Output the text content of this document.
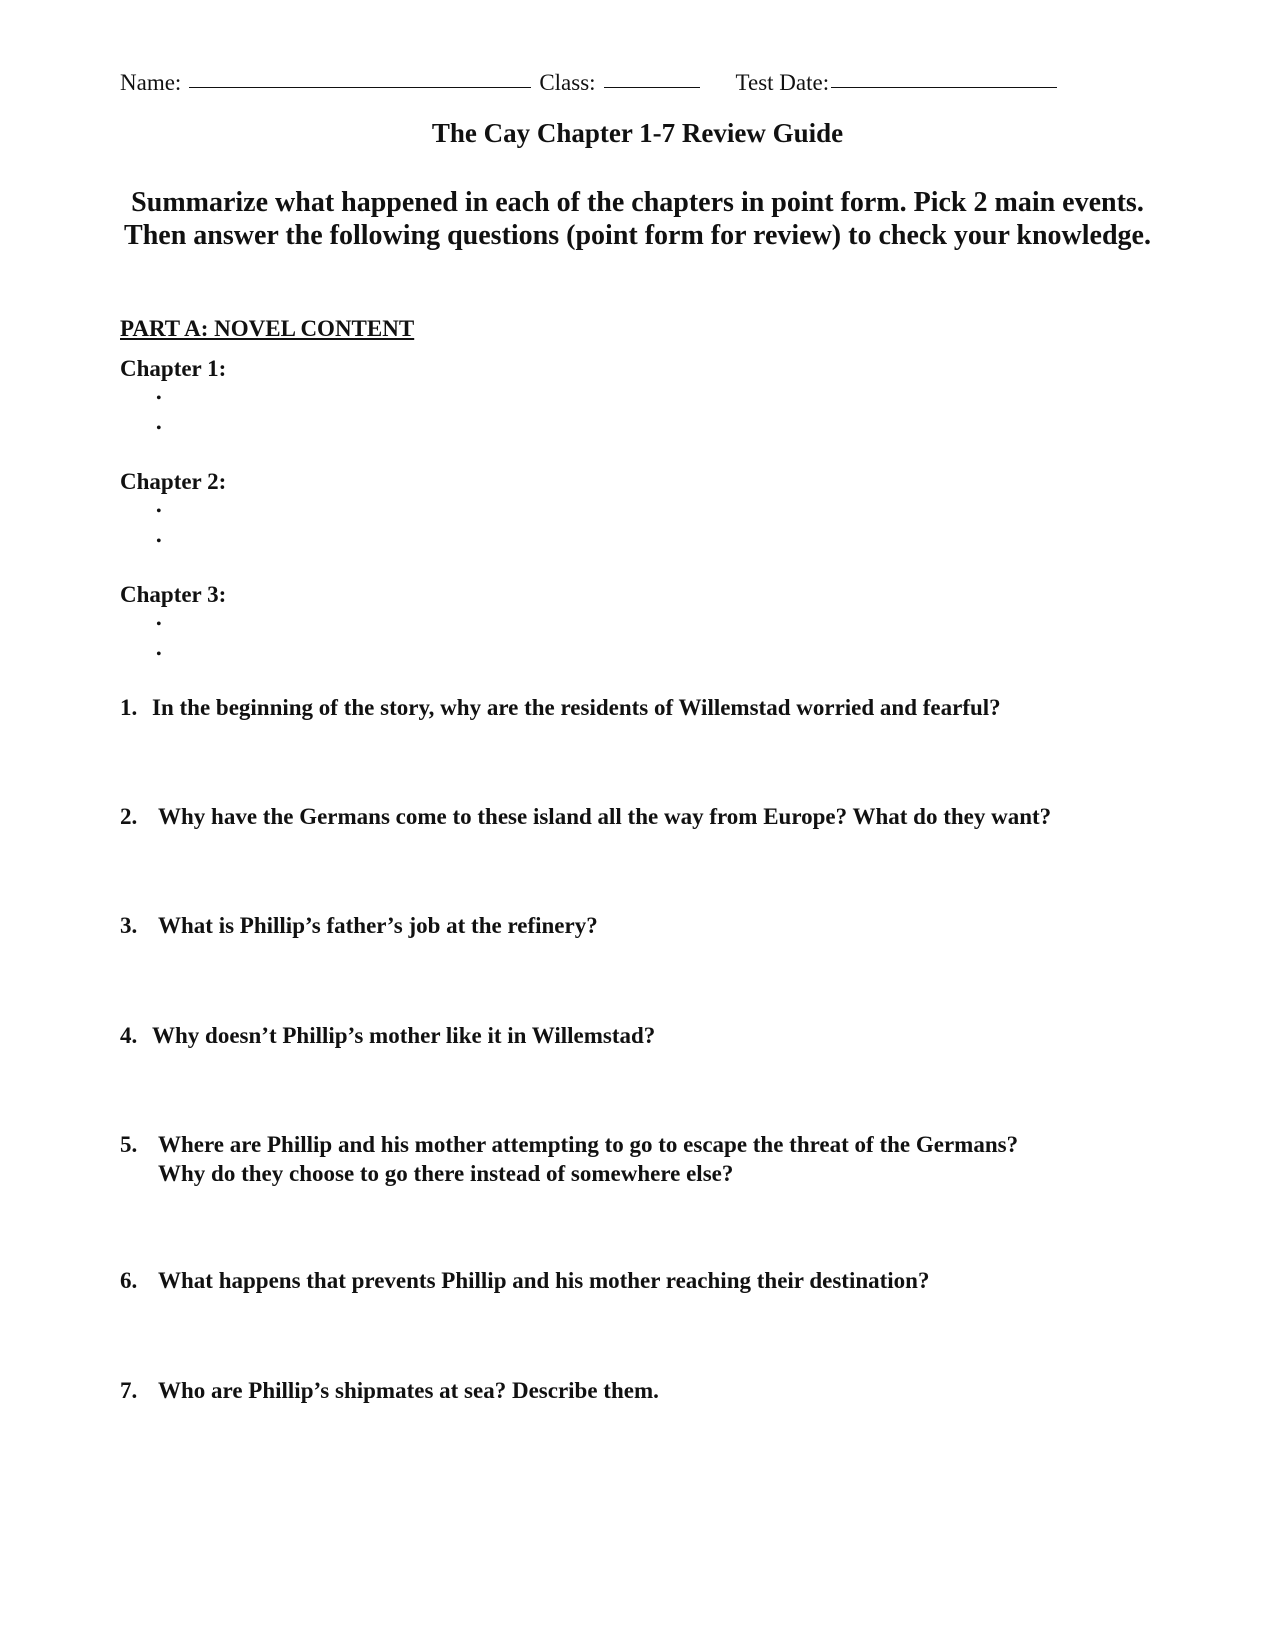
Name:	Class:	Test Date:
The Cay Chapter 1-7 Review Guide
Summarize what happened in each of the chapters in point form. Pick 2 main events. Then answer the following questions (point form for review) to check your knowledge.
PART A: NOVEL CONTENT
Chapter 1:
•
•
Chapter 2:
•
•
Chapter 3:
•
•
1. In the beginning of the story, why are the residents of Willemstad worried and fearful?
2. Why have the Germans come to these island all the way from Europe? What do they want?
3. What is Phillip’s father’s job at the refinery?
4. Why doesn’t Phillip’s mother like it in Willemstad?
5. Where are Phillip and his mother attempting to go to escape the threat of the Germans?
Why do they choose to go there instead of somewhere else?
6. What happens that prevents Phillip and his mother reaching their destination?
7. Who are Phillip’s shipmates at sea? Describe them.
